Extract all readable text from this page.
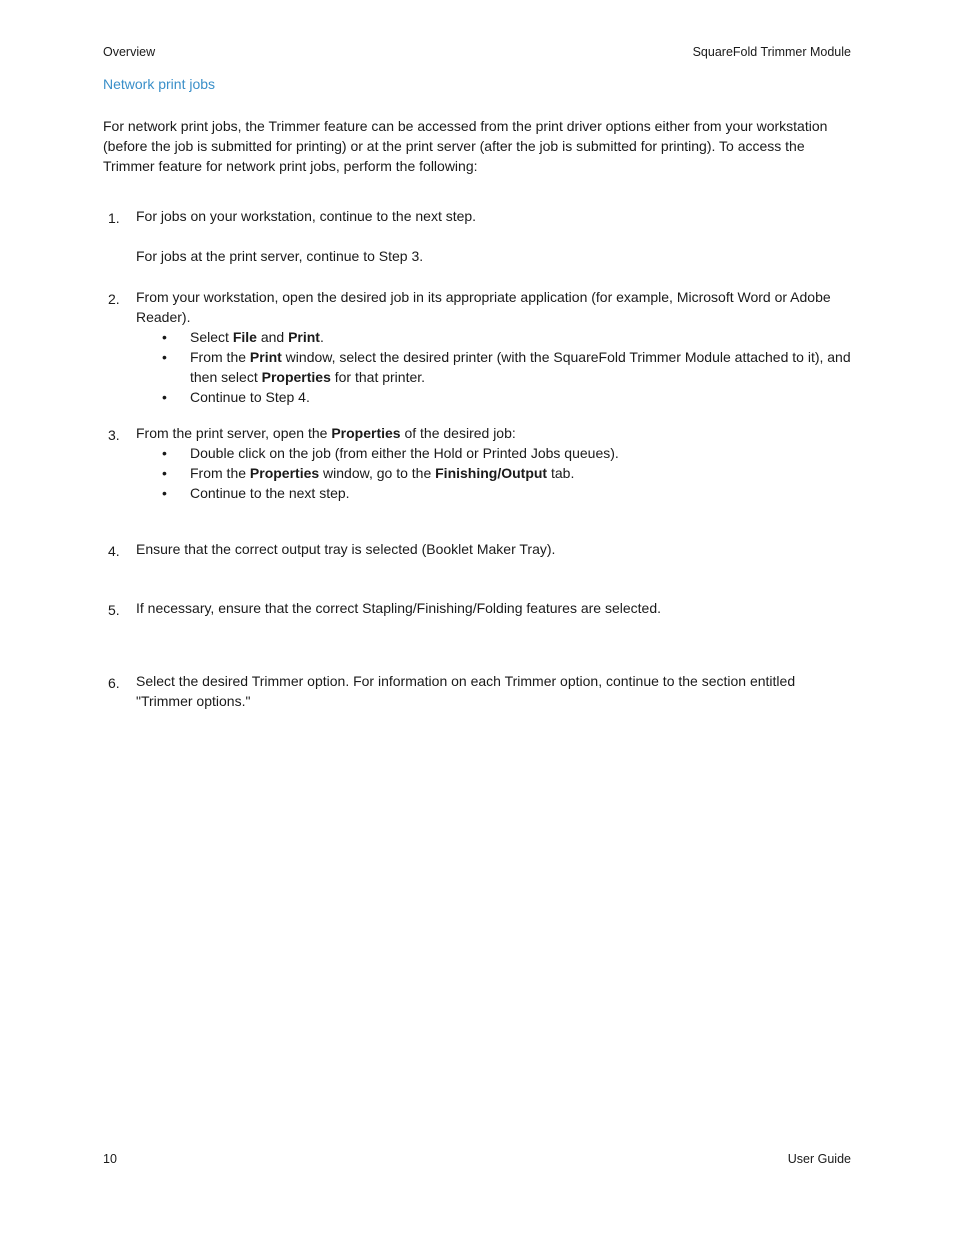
Overview	SquareFold Trimmer Module
Network print jobs
For network print jobs, the Trimmer feature can be accessed from the print driver options either from your workstation (before the job is submitted for printing) or at the print server (after the job is submitted for printing). To access the Trimmer feature for network print jobs, perform the following:
1. For jobs on your workstation, continue to the next step.
For jobs at the print server, continue to Step 3.
2. From your workstation, open the desired job in its appropriate application (for example, Microsoft Word or Adobe Reader).
• Select File and Print.
• From the Print window, select the desired printer (with the SquareFold Trimmer Module attached to it), and then select Properties for that printer.
• Continue to Step 4.
3. From the print server, open the Properties of the desired job:
• Double click on the job (from either the Hold or Printed Jobs queues).
• From the Properties window, go to the Finishing/Output tab.
• Continue to the next step.
4. Ensure that the correct output tray is selected (Booklet Maker Tray).
5. If necessary, ensure that the correct Stapling/Finishing/Folding features are selected.
6. Select the desired Trimmer option. For information on each Trimmer option, continue to the section entitled "Trimmer options."
10	User Guide
